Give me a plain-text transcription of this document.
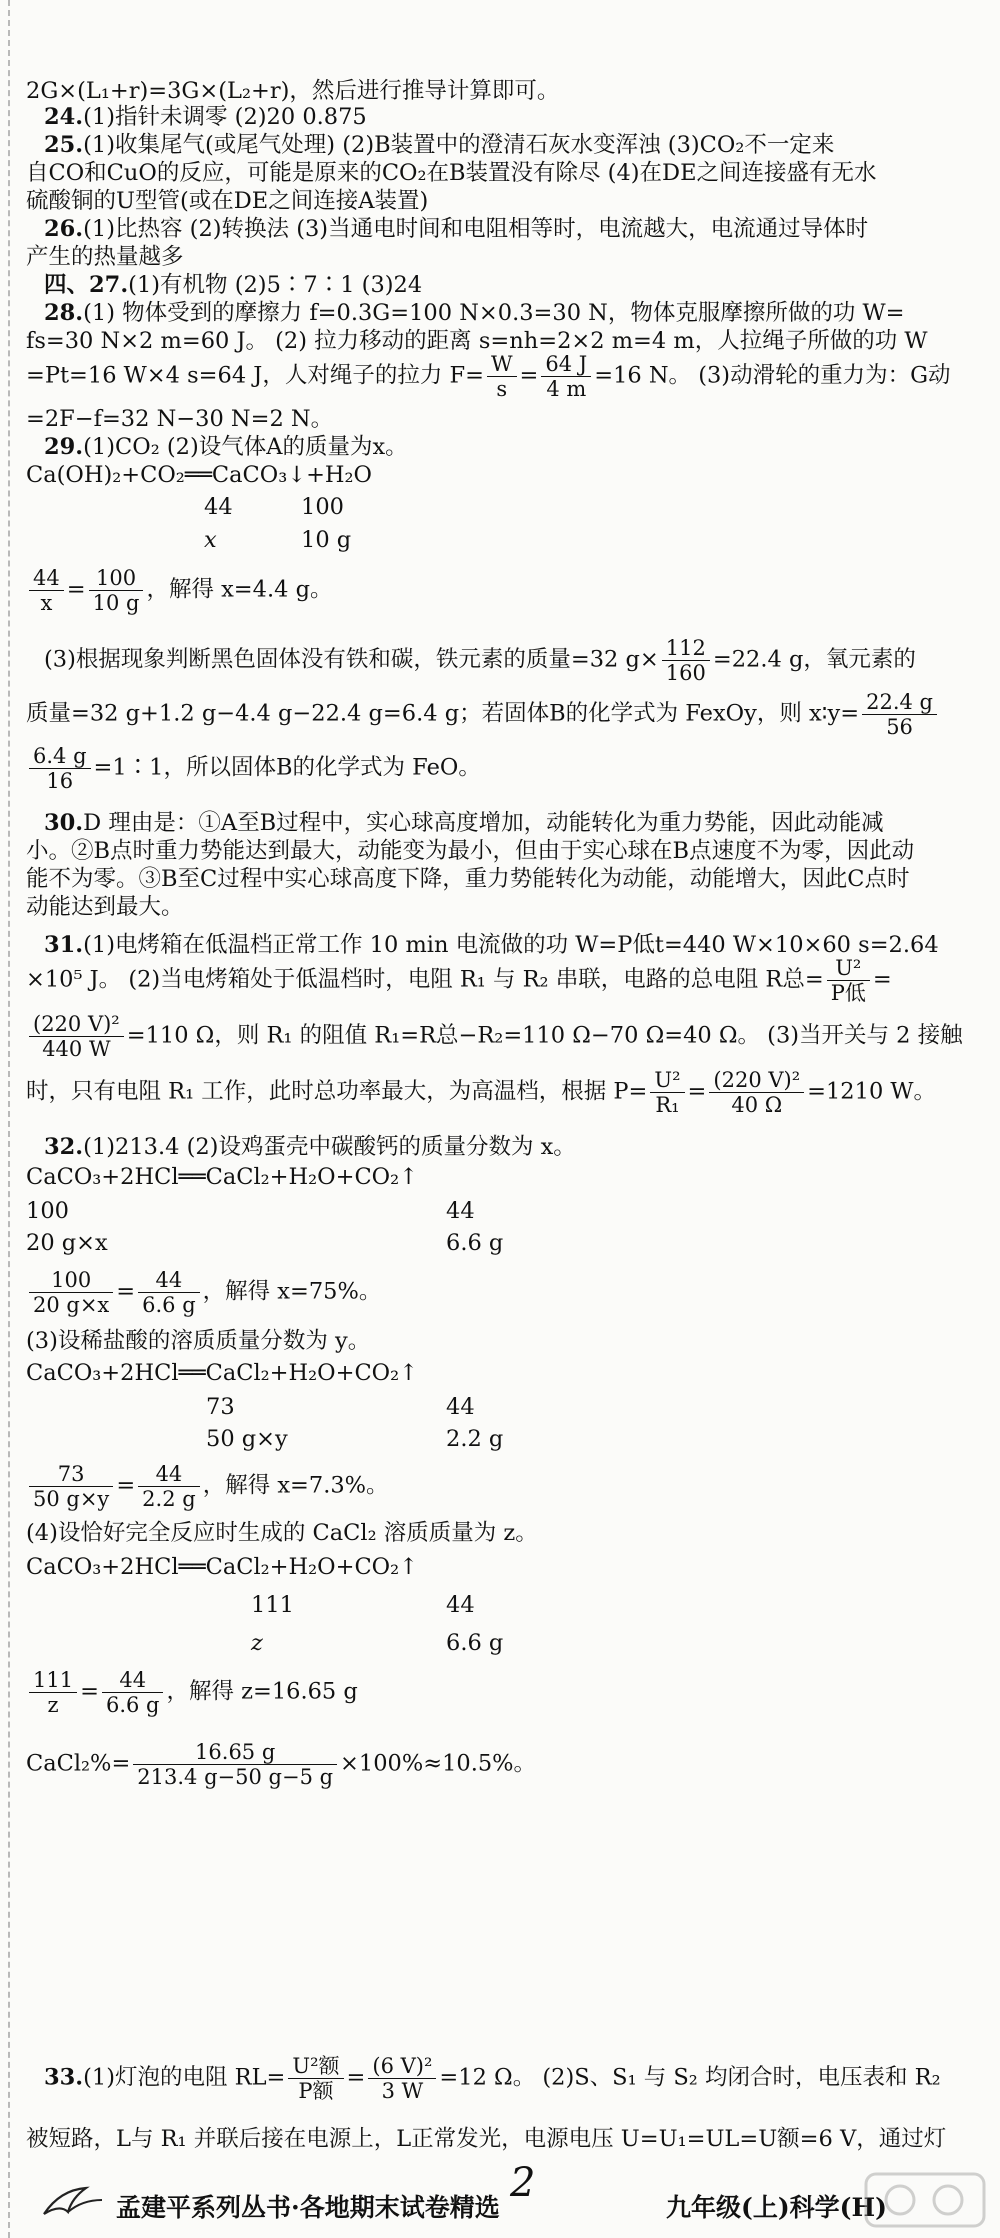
2G×(L₁+r)=3G×(L₂+r)，然后进行推导计算即可。
24.(1)指针未调零 (2)20 0.875
25.(1)收集尾气(或尾气处理) (2)B装置中的澄清石灰水变浑浊 (3)CO₂不一定来
自CO和CuO的反应，可能是原来的CO₂在B装置没有除尽 (4)在DE之间连接盛有无水
硫酸铜的U型管(或在DE之间连接A装置)
26.(1)比热容 (2)转换法 (3)当通电时间和电阻相等时，电流越大，电流通过导体时
产生的热量越多
四、27.(1)有机物 (2)5∶7∶1 (3)24
28.(1) 物体受到的摩擦力 f=0.3G=100 N×0.3=30 N，物体克服摩擦所做的功 W=
fs=30 N×2 m=60 J。 (2) 拉力移动的距离 s=nh=2×2 m=4 m，人拉绳子所做的功 W
=Pt=16 W×4 s=64 J，人对绳子的拉力 $F= \frac{W}{s} = \frac{64 J}{4 m} =16$ N。 (3)动滑轮的重力为：G动
=2F−f=32 N−30 N=2 N。
29.(1)CO₂ (2)设气体A的质量为x。
Ca(OH)₂+CO₂══CaCO₃↓+H₂O
44	100
x	10 g
$\frac{44}{x} = \frac{100}{10 g}$ ，解得 x=4.4 g。
(3)根据现象判断黑色固体没有铁和碳，铁元素的质量=32 $g\times \frac{112}{160} =22.4$ g，氧元素的
质量=32 g+1.2 g−4.4 g−22.4 g=6.4 g；若固体B的化学式为 FexOy，则 x∶y= $\frac{22.4 g}{56}$
$\frac{6.4 g}{16}$ =1∶1，所以固体B的化学式为 FeO。
30.D 理由是：①A至B过程中，实心球高度增加，动能转化为重力势能，因此动能减
小。②B点时重力势能达到最大，动能变为最小，但由于实心球在B点速度不为零，因此动
能不为零。③B至C过程中实心球高度下降，重力势能转化为动能，动能增大，因此C点时
动能达到最大。
31.(1)电烤箱在低温档正常工作 10 min 电流做的功 W=P低t=440 W×10×60 s=2.64
×10⁵ J。 (2)当电烤箱处于低温档时，电阻 R₁ 与 R₂ 串联，电路的总电阻 R总= $\frac{\text{U²}}{\text{P低}}$ =
$\frac{\text{(220 V)²}}{440 W} =110$ Ω，则 R₁ 的阻值 R₁=R总−R₂=110 Ω−70 Ω=40 Ω。 (3)当开关与 2 接触
时，只有电阻 R₁ 工作，此时总功率最大，为高温档，根据 $P= \frac{\text{U²}}{\text{R₁}} = \frac{\text{(220 V)²}}{40 \Omega} =1210$ W。
32.(1)213.4 (2)设鸡蛋壳中碳酸钙的质量分数为 x。
CaCO₃+2HCl══CaCl₂+H₂O+CO₂↑
100	44
20 g×x	6.6 g
$\frac{100}{20 g\times x} = \frac{44}{6.6 g}$ ，解得 x=75%。
(3)设稀盐酸的溶质质量分数为 y。
CaCO₃+2HCl══CaCl₂+H₂O+CO₂↑
73	44
50 g×y	2.2 g
$\frac{73}{50 g\times y} = \frac{44}{2.2 g}$ ，解得 x=7.3%。
(4)设恰好完全反应时生成的 CaCl₂ 溶质质量为 z。
CaCO₃+2HCl══CaCl₂+H₂O+CO₂↑
111	44
z	6.6 g
$\frac{111}{z} = \frac{44}{6.6 g}$ ，解得 z=16.65 g
CaCl₂%= $\frac{16.65 g}{213.4 g-50 g-5 g} \times 100\%\approx 10.5\%$。
33.(1)灯泡的电阻 $RL= \frac{\text{U²额}}{\text{P额}} = \frac{\text{(6 V)²}}{3 W} =12$ Ω。 (2)S、S₁ 与 S₂ 均闭合时，电压表和 R₂
被短路，L与 R₁ 并联后接在电源上，L正常发光，电源电压 U=U₁=UL=U额=6 V，通过灯
2
孟建平系列丛书·各地期末试卷精选	九年级(上)科学(H)
